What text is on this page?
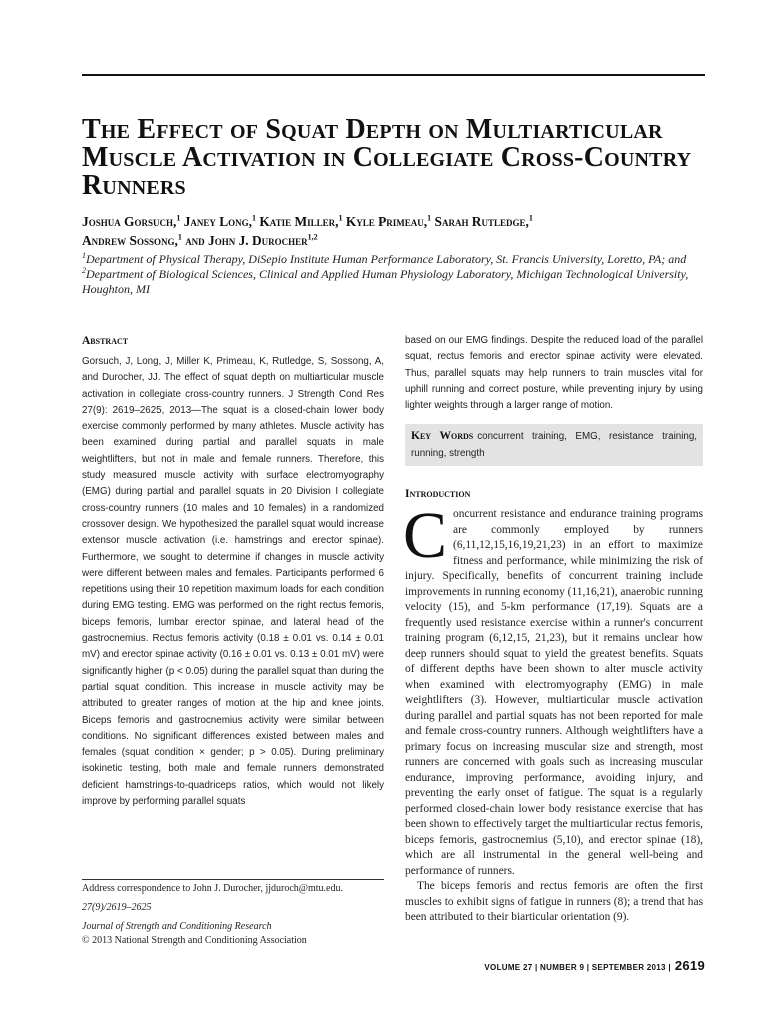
The Effect of Squat Depth on Multiarticular Muscle Activation in Collegiate Cross-Country Runners
Joshua Gorsuch,$^1$ Janey Long,$^1$ Katie Miller,$^1$ Kyle Primeau,$^1$ Sarah Rutledge,$^1$
Andrew Sossong,$^1$ and John J. Durocher$^{1,2}$
$^1$Department of Physical Therapy, DiSepio Institute Human Performance Laboratory, St. Francis University, Loretto, PA; and
$^2$Department of Biological Sciences, Clinical and Applied Human Physiology Laboratory, Michigan Technological University, Houghton, MI
Abstract

Gorsuch, J, Long, J, Miller K, Primeau, K, Rutledge, S, Sossong, A, and Durocher, JJ. The effect of squat depth on multiarticular muscle activation in collegiate cross-country runners. J Strength Cond Res 27(9): 2619–2625, 2013—The squat is a closed-chain lower body exercise commonly performed by many athletes. Muscle activity has been examined during partial and parallel squats in male weightlifters, but not in male and female runners. Therefore, this study measured muscle activity with surface electromyography (EMG) during partial and parallel squats in 20 Division I collegiate cross-country runners (10 males and 10 females) in a randomized crossover design. We hypothesized the parallel squat would increase extensor muscle activation (i.e. hamstrings and erector spinae). Furthermore, we sought to determine if changes in muscle activity were different between males and females. Participants performed 6 repetitions using their 10 repetition maximum loads for each condition during EMG testing. EMG was performed on the right rectus femoris, biceps femoris, lumbar erector spinae, and lateral head of the gastrocnemius. Rectus femoris activity (0.18 ± 0.01 vs. 0.14 ± 0.01 mV) and erector spinae activity (0.16 ± 0.01 vs. 0.13 ± 0.01 mV) were significantly higher (p < 0.05) during the parallel squat than during the partial squat condition. This increase in muscle activity may be attributed to greater ranges of motion at the hip and knee joints. Biceps femoris and gastrocnemius activity were similar between conditions. No significant differences existed between males and females (squat condition × gender; p > 0.05). During preliminary isokinetic testing, both male and female runners demonstrated deficient hamstrings-to-quadriceps ratios, which would not likely improve by performing parallel squats

based on our EMG findings. Despite the reduced load of the parallel squat, rectus femoris and erector spinae activity were elevated. Thus, parallel squats may help runners to train muscles vital for uphill running and correct posture, while preventing injury by using lighter weights through a larger range of motion.

Key Words concurrent training, EMG, resistance training, running, strength
Introduction

Concurrent resistance and endurance training programs are commonly employed by runners (6,11,12,15,16,19,21,23) in an effort to maximize fitness and performance, while minimizing the risk of injury. Specifically, benefits of concurrent training include improvements in running economy (11,16,21), anaerobic running velocity (15), and 5-km performance (17,19). Squats are a frequently used resistance exercise within a runner's concurrent training program (6,12,15, 21,23), but it remains unclear how deep runners should squat to yield the greatest benefits. Squats of different depths have been shown to alter muscle activity when examined with electromyography (EMG) in male weightlifters (3). However, multiarticular muscle activation during parallel and partial squats has not been reported for male and female cross-country runners. Although weightlifters have a primary focus on increasing muscular size and strength, most runners are concerned with goals such as increasing muscular endurance, improving performance, avoiding injury, and preventing the early onset of fatigue. The squat is a regularly performed closed-chain lower body resistance exercise that has been shown to effectively target the multiarticular rectus femoris, biceps femoris, gastrocnemius (5,10), and erector spinae (18), which are all instrumental in the general well-being and performance of runners.

The biceps femoris and rectus femoris are often the first muscles to exhibit signs of fatigue in runners (8); a trend that has been attributed to their biarticular orientation (9).

Address correspondence to John J. Durocher, jjduroch@mtu.edu.

27(9)/2619–2625

Journal of Strength and Conditioning Research

© 2013 National Strength and Conditioning Association

VOLUME 27 | NUMBER 9 | SEPTEMBER 2013 | 2619
